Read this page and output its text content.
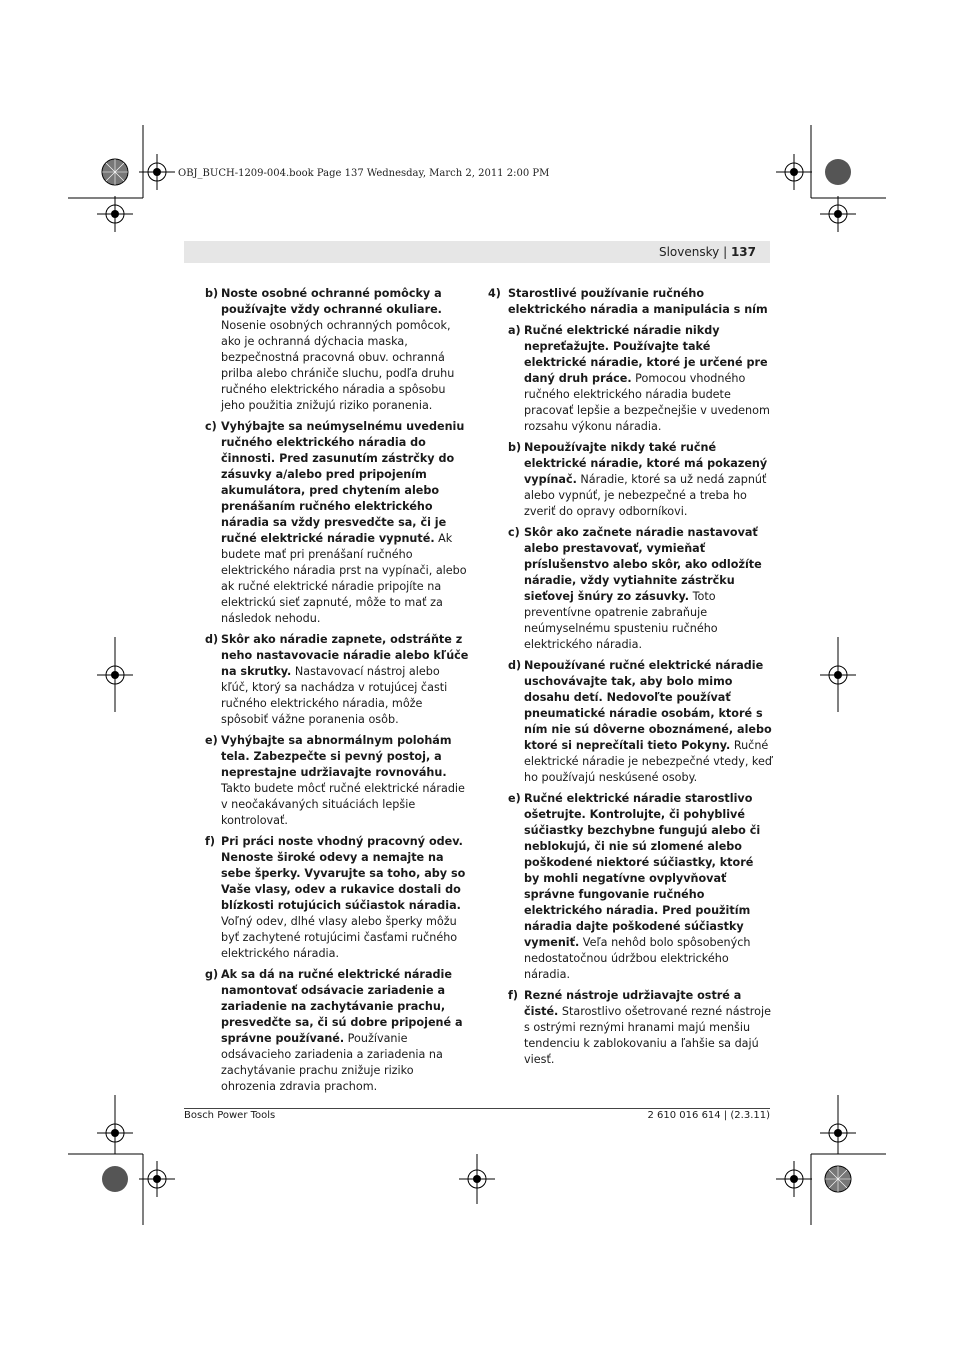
OBJ_BUCH-1209-004.book Page 137 Wednesday, March 2, 2011 2:00 PM
Slovensky | 137
b) Noste osobné ochranné pomôcky a používajte vždy ochranné okuliare. Nosenie osobných ochranných pomôcok, ako je ochranná dýchacia maska, bezpečnostná pracovná obuv. ochranná prilba alebo chrániče sluchu, podľa druhu ručného elektrického náradia a spôsobu jeho použitia znižujú riziko poranenia.
c) Vyhýbajte sa neúmyselnému uvedeniu ručného elektrického náradia do činnosti. Pred zasunutím zástrčky do zásuvky a/alebo pred pripojením akumulátora, pred chytením alebo prenášaním ručného elektrického náradia sa vždy presvedčte sa, či je ručné elektrické náradie vypnuté. Ak budete mať pri prenášaní ručného elektrického náradia prst na vypínači, alebo ak ručné elektrické náradie pripojíte na elektrickú sieť zapnuté, môže to mať za následok nehodu.
d) Skôr ako náradie zapnete, odstráňte z neho nastavovacie náradie alebo kľúče na skrutky. Nastavovací nástroj alebo kľúč, ktorý sa nachádza v rotujúcej časti ručného elektrického náradia, môže spôsobiť vážne poranenia osôb.
e) Vyhýbajte sa abnormálnym polohám tela. Zabezpečte si pevný postoj, a neprestajne udržiavajte rovnováhu. Takto budete môcť ručné elektrické náradie v neočakávaných situáciách lepšie kontrolovať.
f) Pri práci noste vhodný pracovný odev. Nenoste široké odevy a nemajte na sebe šperky. Vyvarujte sa toho, aby so Vaše vlasy, odev a rukavice dostali do blízkosti rotujúcich súčiastok náradia. Voľný odev, dlhé vlasy alebo šperky môžu byť zachytené rotujúcimi časťami ručného elektrického náradia.
g) Ak sa dá na ručné elektrické náradie namontovať odsávacie zariadenie a zariadenie na zachytávanie prachu, presvedčte sa, či sú dobre pripojené a správne používané. Používanie odsávacieho zariadenia a zariadenia na zachytávanie prachu znižuje riziko ohrozenia zdravia prachom.
4) Starostlivé používanie ručného elektrického náradia a manipulácia s ním
a) Ručné elektrické náradie nikdy nepreťažujte. Používajte také elektrické náradie, ktoré je určené pre daný druh práce. Pomocou vhodného ručného elektrického náradia budete pracovať lepšie a bezpečnejšie v uvedenom rozsahu výkonu náradia.
b) Nepoužívajte nikdy také ručné elektrické náradie, ktoré má pokazený vypínač. Náradie, ktoré sa už nedá zapnúť alebo vypnúť, je nebezpečné a treba ho zveriť do opravy odborníkovi.
c) Skôr ako začnete náradie nastavovať alebo prestavovať, vymieňať príslušenstvo alebo skôr, ako odložíte náradie, vždy vytiahnite zástrčku sieťovej šnúry zo zásuvky. Toto preventívne opatrenie zabraňuje neúmyselnému spusteniu ručného elektrického náradia.
d) Nepoužívané ručné elektrické náradie uschovávajte tak, aby bolo mimo dosahu detí. Nedovoľte používať pneumatické náradie osobám, ktoré s ním nie sú dôverne oboznámené, alebo ktoré si neprečítali tieto Pokyny. Ručné elektrické náradie je nebezpečné vtedy, keď ho používajú neskúsené osoby.
e) Ručné elektrické náradie starostlivo ošetrujte. Kontrolujte, či pohyblivé súčiastky bezchybne fungujú alebo či neblokujú, či nie sú zlomené alebo poškodené niektoré súčiastky, ktoré by mohli negatívne ovplyvňovať správne fungovanie ručného elektrického náradia. Pred použitím náradia dajte poškodené súčiastky vymeniť. Veľa nehôd bolo spôsobených nedostatočnou údržbou elektrického náradia.
f) Rezné nástroje udržiavajte ostré a čisté. Starostlivo ošetrované rezné nástroje s ostrými reznými hranami majú menšiu tendenciu k zablokovaniu a ľahšie sa dajú viesť.
Bosch Power Tools	2 610 016 614 | (2.3.11)
